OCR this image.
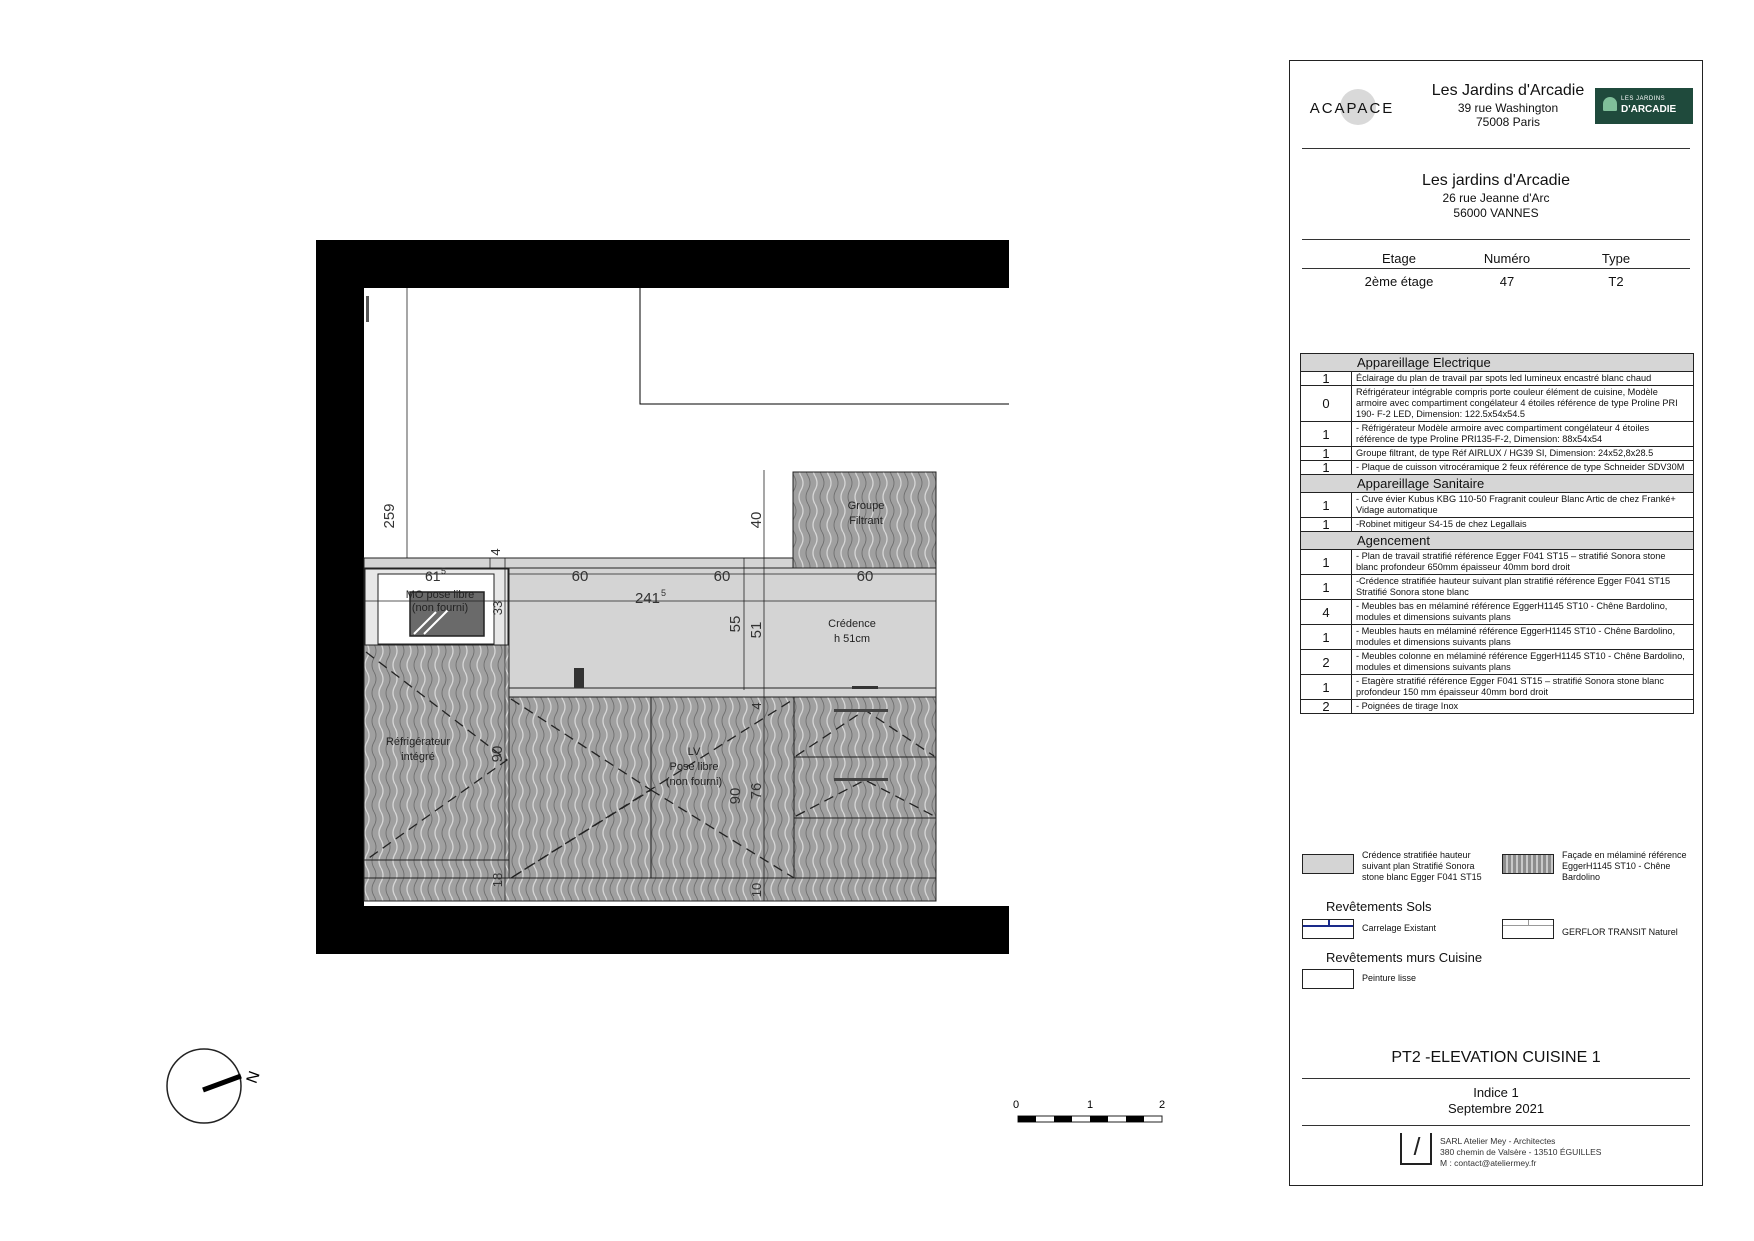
MO pose libre
(non fourni)
Réfrigérateur
intégré	LV
Pose libre
(non fourni)
Groupe
Filtrant
Crédence
h 51cm
259
4
61 5	60	60	60
241 5
33
55 51
40
4
90
90 76
18
10
N
0	1	2
ACAPACE
Les Jardins d'Arcadie
39 rue Washington
75008 Paris
LES JARDINS
D'ARCADIE
Les jardins d'Arcadie
26 rue Jeanne d'Arc
56000 VANNES
Etage	Numéro	Type
2ème étage	47	T2
Appareillage Electrique	
1	Éclairage du plan de travail par spots led lumineux encastré blanc chaud
0	Réfrigérateur intégrable compris porte couleur élément de cuisine, Modèle armoire avec compartiment congélateur 4 étoiles référence de type Proline PRI 190- F-2 LED, Dimension: 122.5x54x54.5
1	- Réfrigérateur Modèle armoire avec compartiment congélateur 4 étoiles référence de type Proline PRI135-F-2, Dimension: 88x54x54
1	Groupe filtrant, de type Réf AIRLUX / HG39 SI, Dimension: 24x52,8x28.5
1	- Plaque de cuisson vitrocéramique 2 feux référence de type Schneider SDV30M
Appareillage Sanitaire	
1	- Cuve évier Kubus KBG 110-50 Fragranit couleur Blanc Artic de chez Franké+ Vidage automatique
1	-Robinet mitigeur S4-15 de chez Legallais
Agencement	
1	- Plan de travail stratifié référence Egger F041 ST15 – stratifié Sonora stone blanc profondeur 650mm épaisseur 40mm bord droit
1	-Crédence stratifiée hauteur suivant plan stratifié référence Egger F041 ST15 Stratifié Sonora stone blanc
4	- Meubles bas en mélaminé référence EggerH1145 ST10 - Chêne Bardolino, modules et dimensions suivants plans
1	- Meubles hauts en mélaminé référence EggerH1145 ST10 - Chêne Bardolino, modules et dimensions suivants plans
2	- Meubles colonne en mélaminé référence EggerH1145 ST10 - Chêne Bardolino, modules et dimensions suivants plans
1	- Etagère stratifié référence Egger F041 ST15 – stratifié Sonora stone blanc profondeur 150 mm épaisseur 40mm bord droit
2	- Poignées de tirage Inox
Crédence stratifiée hauteur suivant plan Stratifié Sonora stone blanc Egger F041 ST15
Façade en mélaminé référence EggerH1145 ST10 - Chêne Bardolino
Revêtements Sols
Carrelage Existant	GERFLOR TRANSIT Naturel
Revêtements murs Cuisine
Peinture lisse
PT2 -ELEVATION CUISINE 1
Indice 1
Septembre 2021
SARL Atelier Mey - Architectes
380 chemin de Valsère - 13510 ÉGUILLES
M : contact@ateliermey.fr
